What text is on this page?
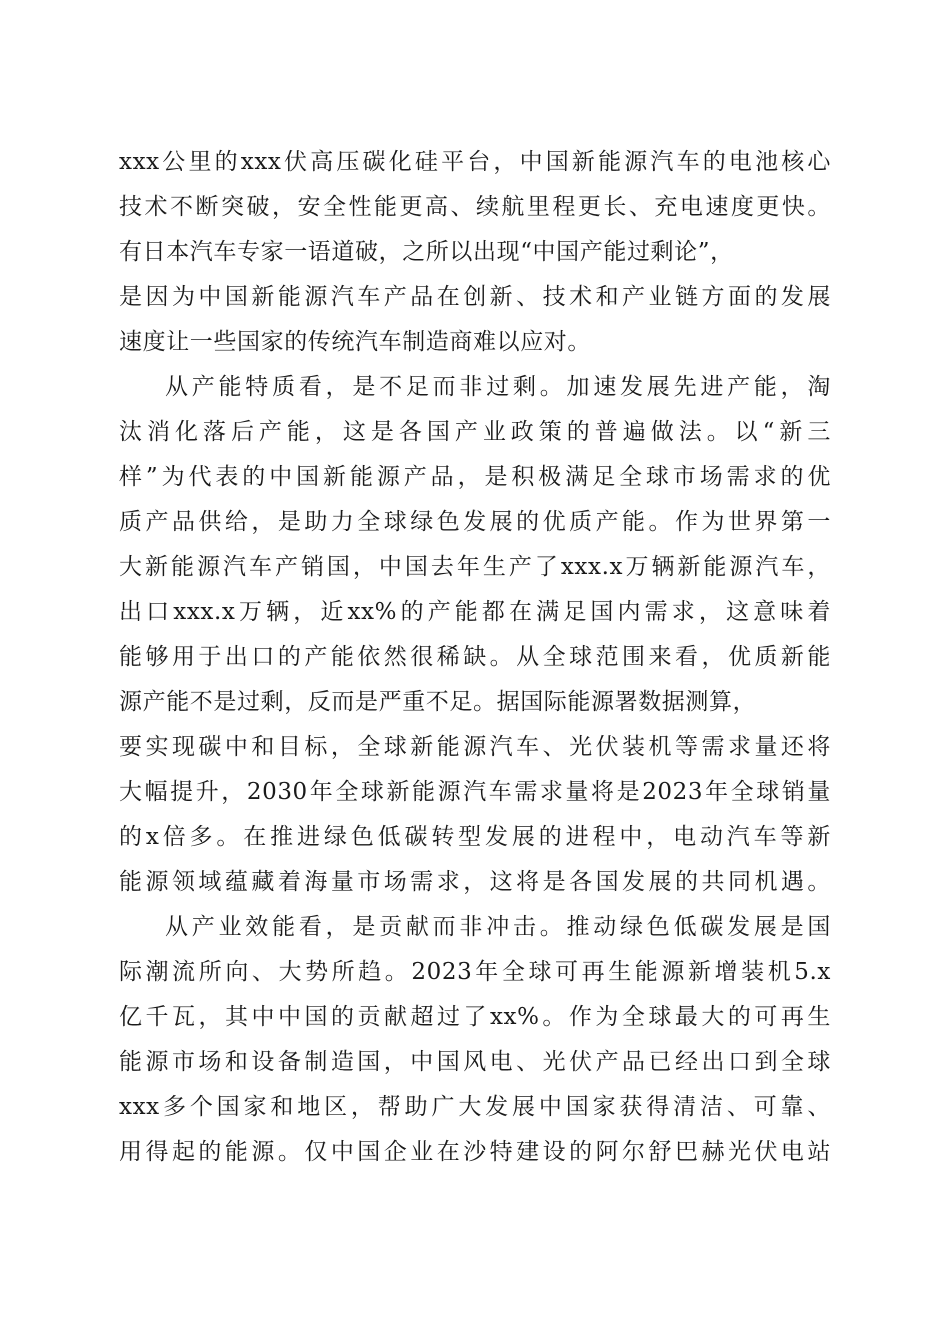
xxx公里的xxx伏高压碳化硅平台，中国新能源汽车的电池核心
技术不断突破，安全性能更高、续航里程更长、充电速度更快。
有日本汽车专家一语道破，之所以出现“中国产能过剩论”，
是因为中国新能源汽车产品在创新、技术和产业链方面的发展
速度让一些国家的传统汽车制造商难以应对。
从产能特质看，是不足而非过剩。加速发展先进产能，淘
汰消化落后产能，这是各国产业政策的普遍做法。以“新三
样”为代表的中国新能源产品，是积极满足全球市场需求的优
质产品供给，是助力全球绿色发展的优质产能。作为世界第一
大新能源汽车产销国，中国去年生产了xxx.x万辆新能源汽车，
出口xxx.x万辆，近xx%的产能都在满足国内需求，这意味着
能够用于出口的产能依然很稀缺。从全球范围来看，优质新能
源产能不是过剩，反而是严重不足。据国际能源署数据测算，
要实现碳中和目标，全球新能源汽车、光伏装机等需求量还将
大幅提升，2030年全球新能源汽车需求量将是2023年全球销量
的x倍多。在推进绿色低碳转型发展的进程中，电动汽车等新
能源领域蕴藏着海量市场需求，这将是各国发展的共同机遇。
从产业效能看，是贡献而非冲击。推动绿色低碳发展是国
际潮流所向、大势所趋。2023年全球可再生能源新增装机5.x
亿千瓦，其中中国的贡献超过了xx%。作为全球最大的可再生
能源市场和设备制造国，中国风电、光伏产品已经出口到全球
xxx多个国家和地区，帮助广大发展中国家获得清洁、可靠、
用得起的能源。仅中国企业在沙特建设的阿尔舒巴赫光伏电站
